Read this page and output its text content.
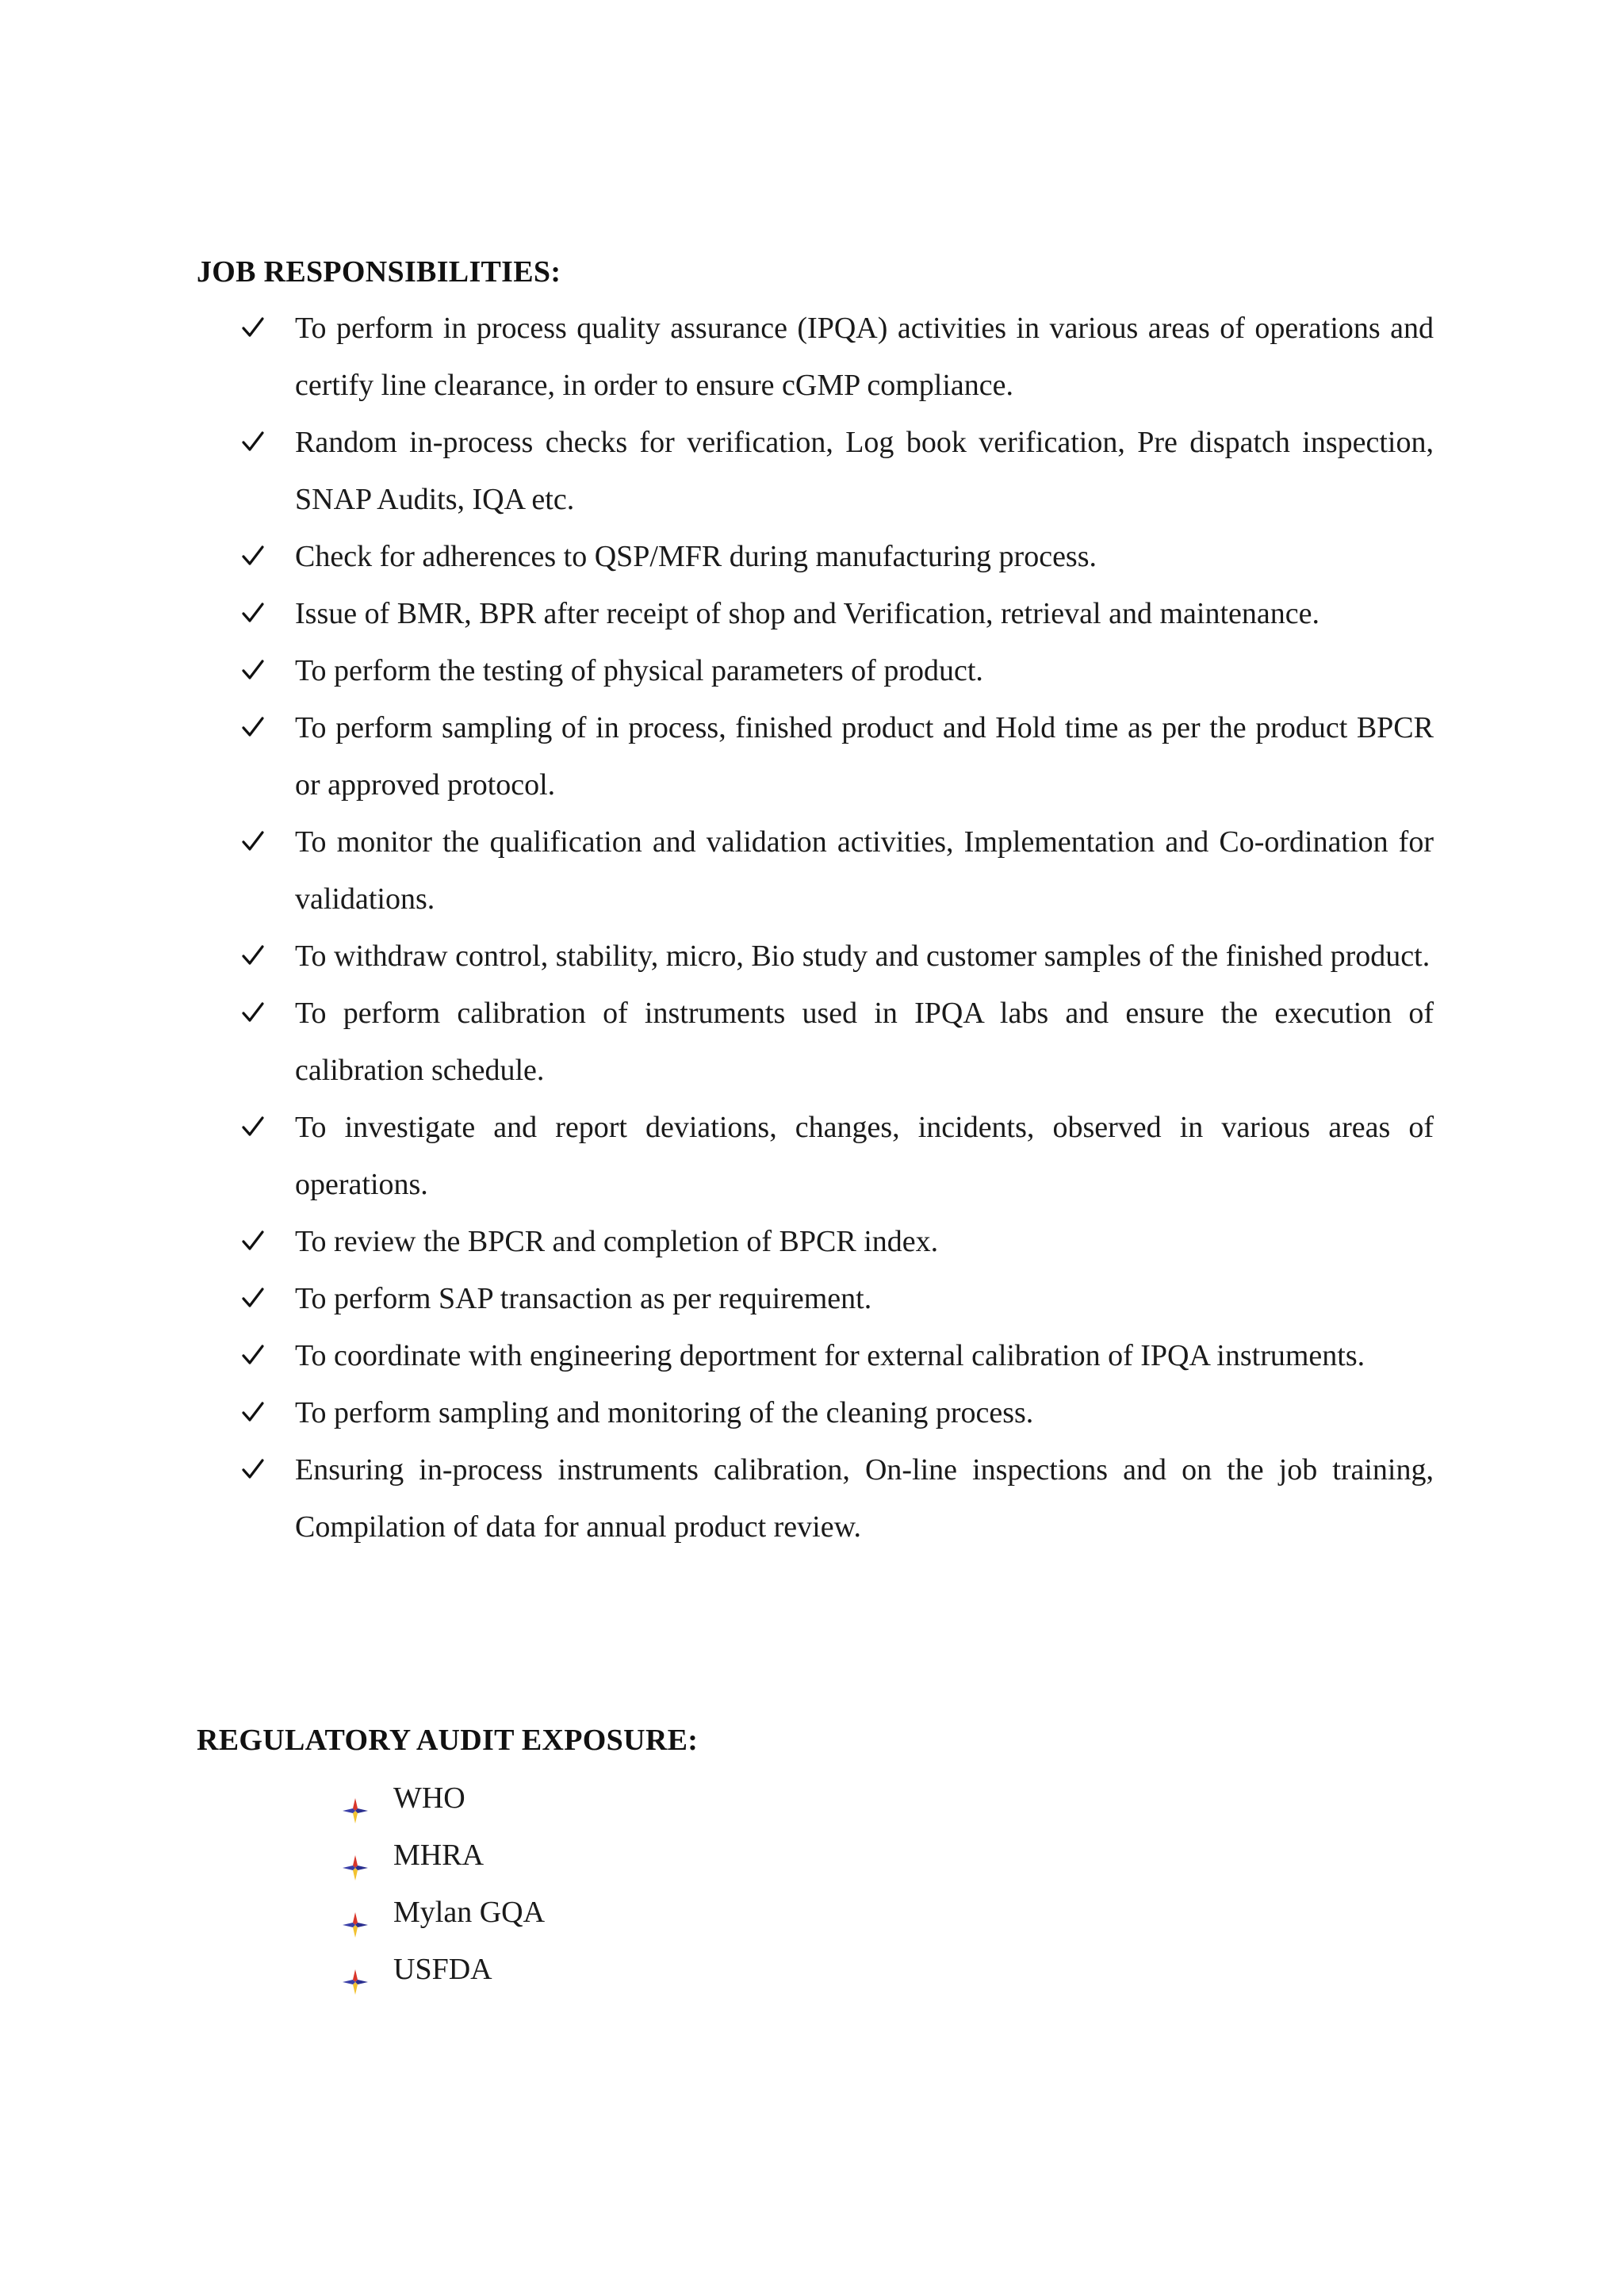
JOB RESPONSIBILITIES:
To perform in process quality assurance (IPQA) activities in various areas of operations and certify line clearance, in order to ensure cGMP compliance.
Random in-process checks for verification, Log book verification, Pre dispatch inspection, SNAP Audits, IQA etc.
Check for adherences to QSP/MFR during manufacturing process.
Issue of BMR, BPR after receipt of shop and Verification, retrieval and maintenance.
To perform the testing of physical parameters of product.
To perform sampling of in process, finished product and Hold time as per the product BPCR or approved protocol.
To monitor the qualification and validation activities, Implementation and Co-ordination for validations.
To withdraw control, stability, micro, Bio study and customer samples of the finished product.
To perform calibration of instruments used in IPQA labs and ensure the execution of calibration schedule.
To investigate and report deviations, changes, incidents, observed in various areas of operations.
To review the BPCR and completion of BPCR index.
To perform SAP transaction as per requirement.
To coordinate with engineering deportment for external calibration of IPQA instruments.
To perform sampling and monitoring of the cleaning process.
Ensuring in-process instruments calibration, On-line inspections and on the job training, Compilation of data for annual product review.
REGULATORY AUDIT EXPOSURE:
WHO
MHRA
Mylan GQA
USFDA
